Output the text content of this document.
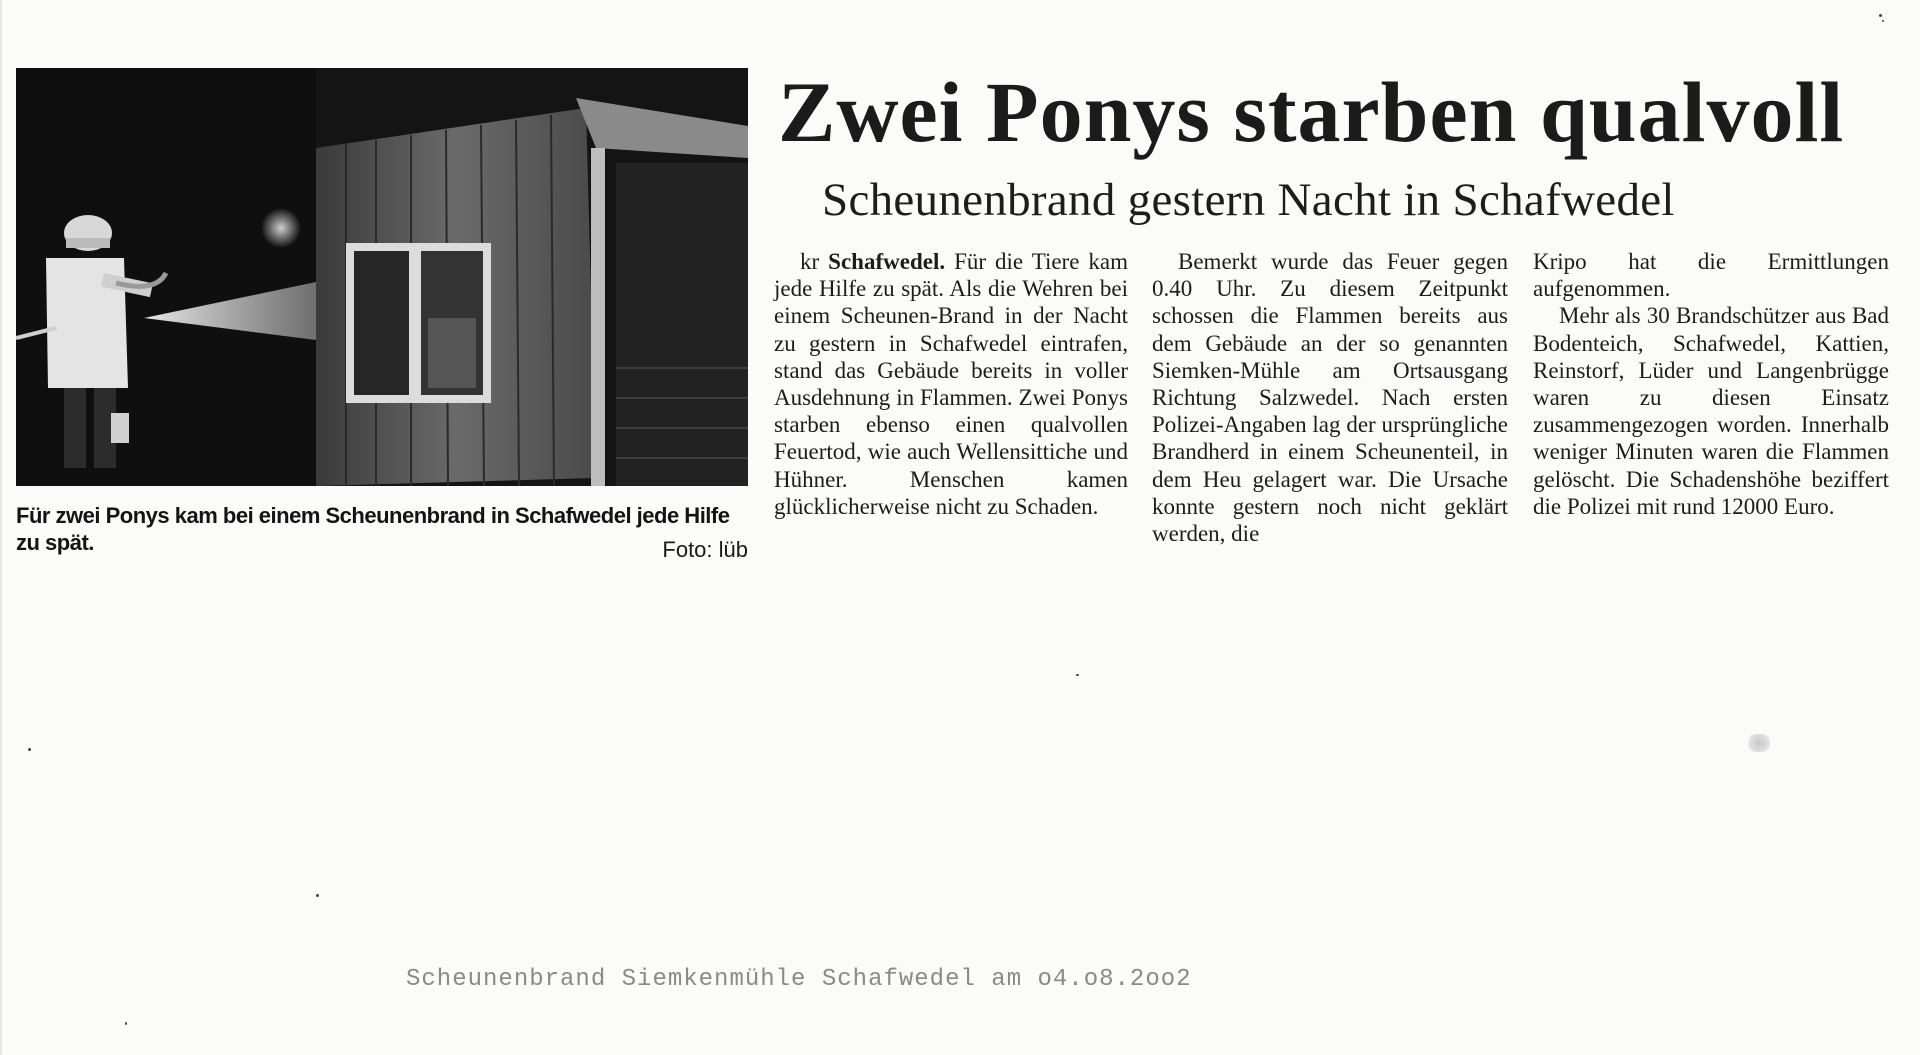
Für zwei Ponys kam bei einem Scheunenbrand in Schafwedel jede Hilfe zu spät.	Foto: lüb
Zwei Ponys starben qualvoll
Scheunenbrand gestern Nacht in Schafwedel

kr Schafwedel. Für die Tiere kam jede Hilfe zu spät. Als die Wehren bei einem Scheunen-Brand in der Nacht zu gestern in Schafwedel eintrafen, stand das Gebäude bereits in voller Ausdehnung in Flammen. Zwei Ponys starben ebenso einen qualvollen Feuertod, wie auch Wellensittiche und Hühner. Menschen kamen glücklicherweise nicht zu Schaden.

Bemerkt wurde das Feuer gegen 0.40 Uhr. Zu diesem Zeitpunkt schossen die Flammen bereits aus dem Gebäude an der so genannten Siemken-Mühle am Ortsausgang Richtung Salzwedel. Nach ersten Polizei-Angaben lag der ursprüngliche Brandherd in einem Scheunenteil, in dem Heu gelagert war. Die Ursache konnte gestern noch nicht geklärt werden, die

Kripo hat die Ermittlungen aufgenommen.

Mehr als 30 Brandschützer aus Bad Bodenteich, Schafwedel, Kattien, Reinstorf, Lüder und Langenbrügge waren zu diesen Einsatz zusammengezogen worden. Innerhalb weniger Minuten waren die Flammen gelöscht. Die Schadenshöhe beziffert die Polizei mit rund 12000 Euro.

Scheunenbrand Siemkenmühle Schafwedel am o4.o8.2oo2
